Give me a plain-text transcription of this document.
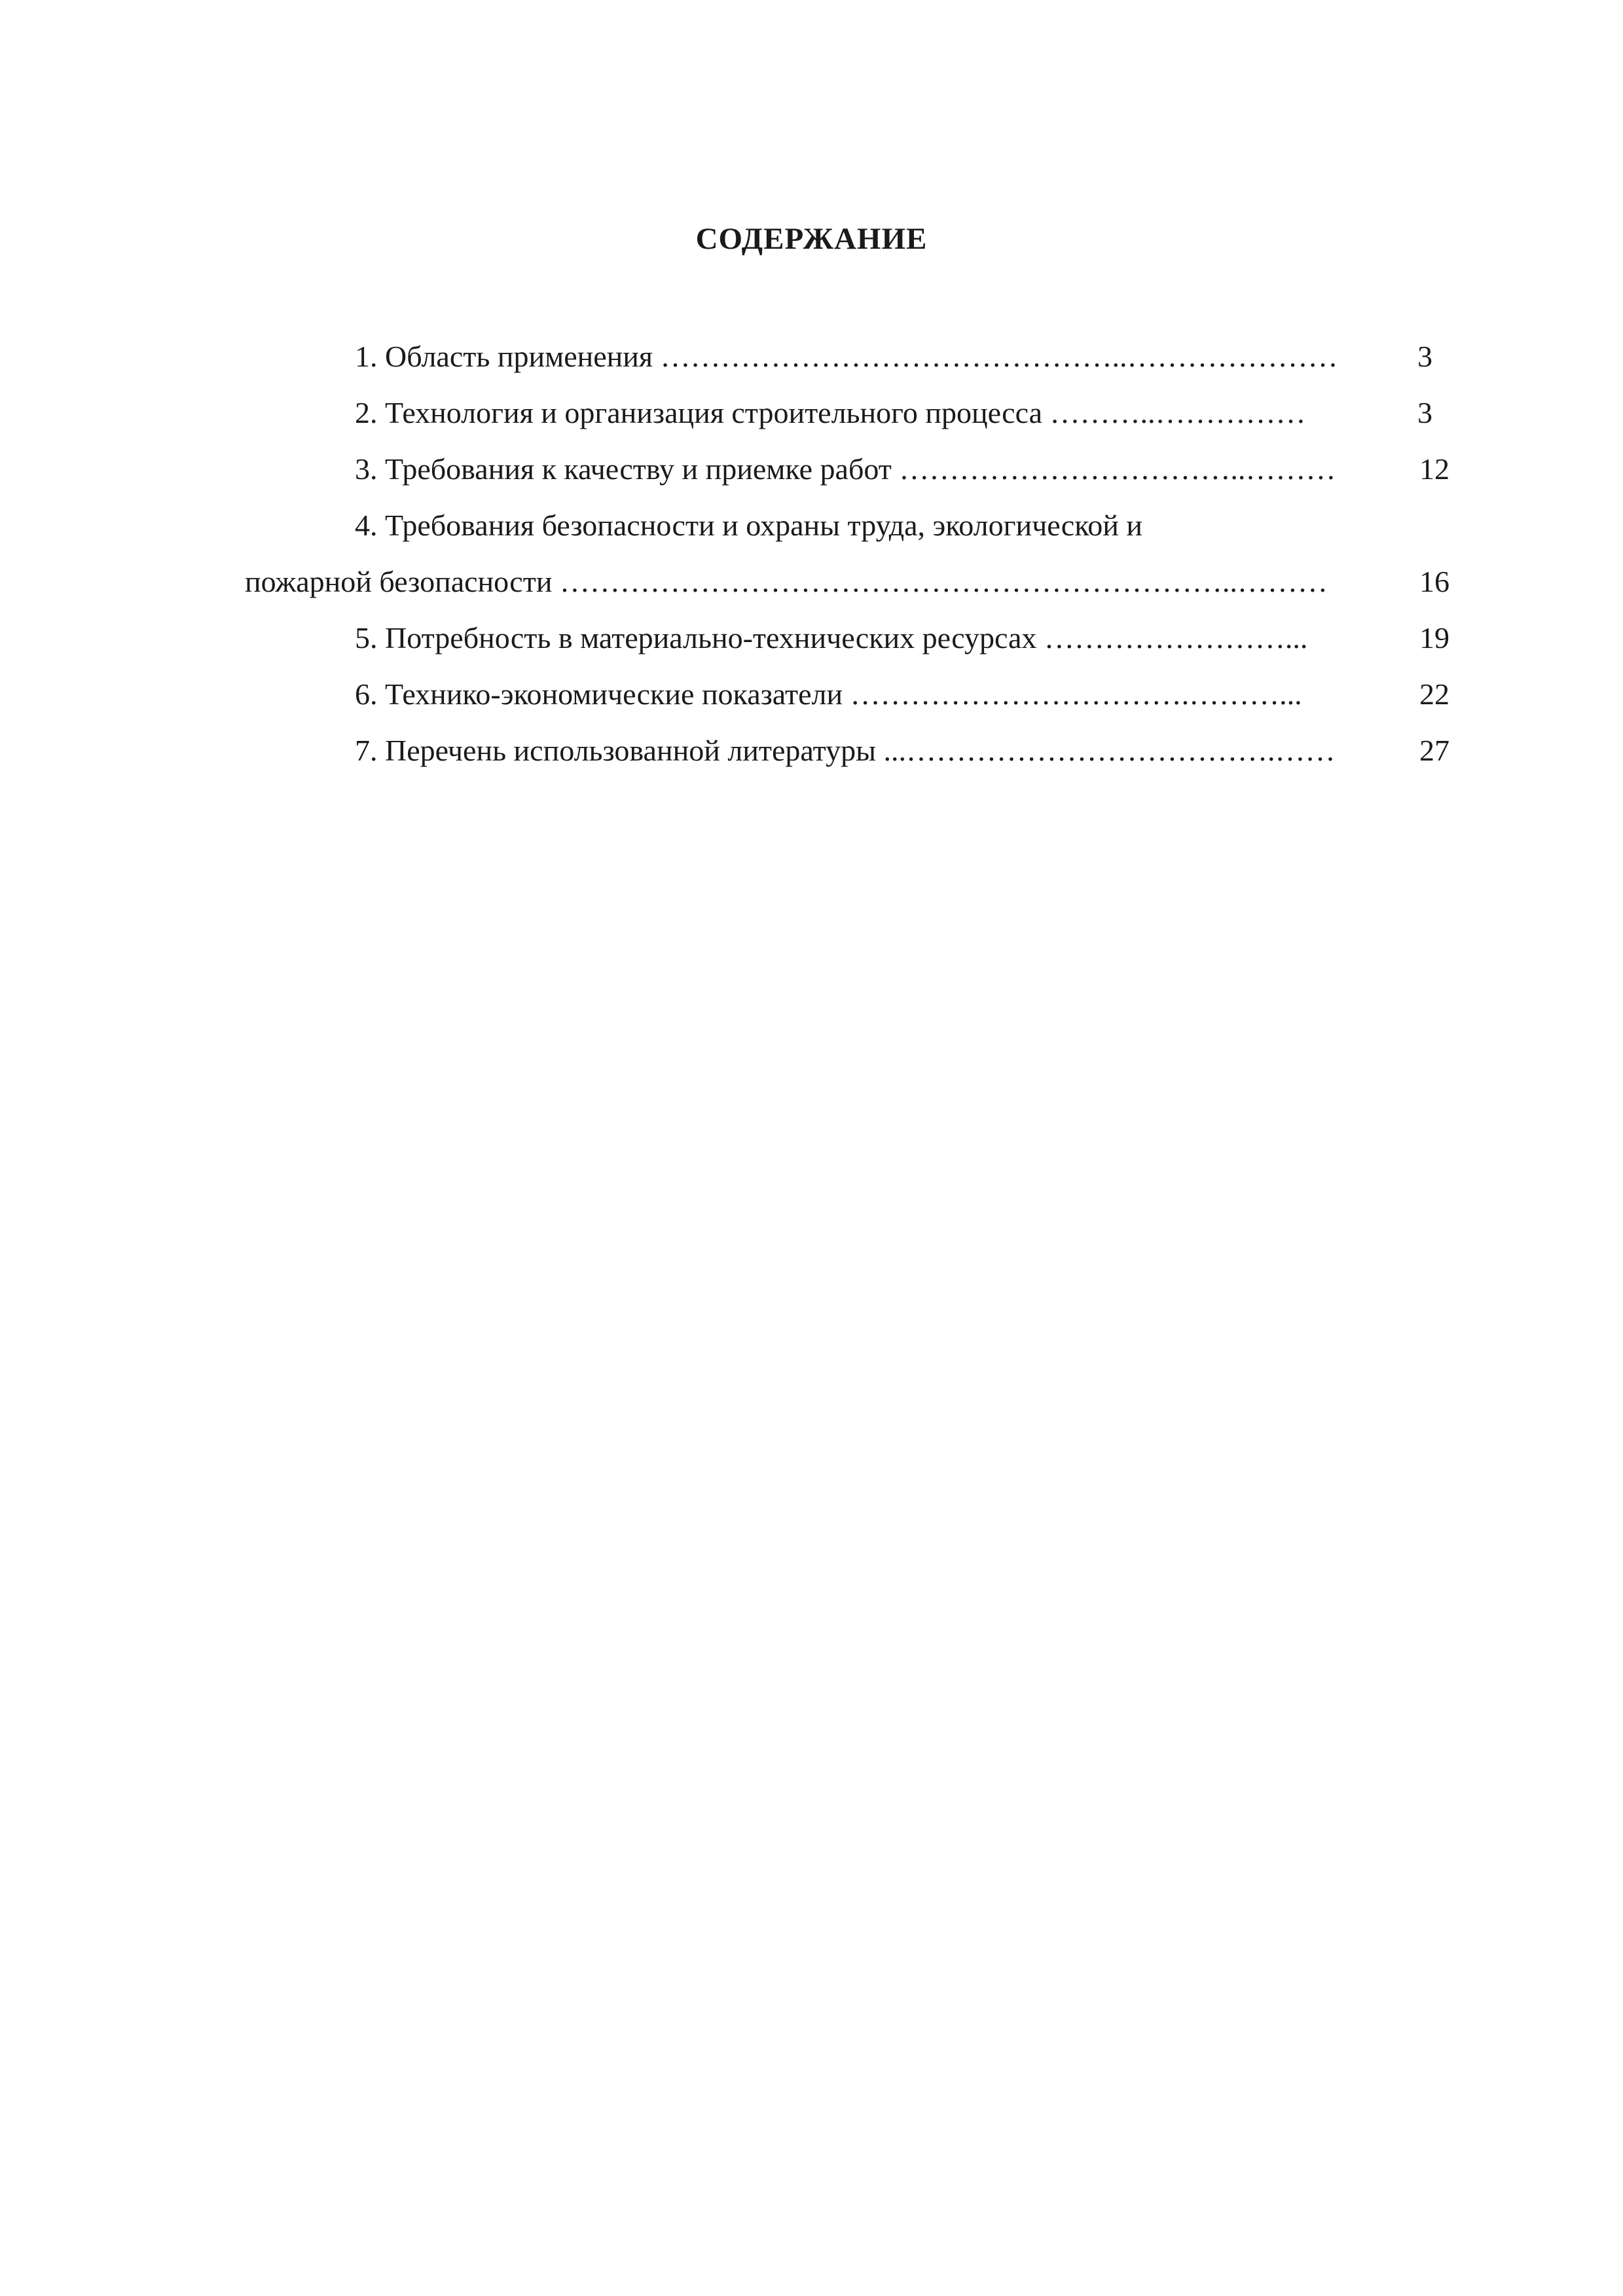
СОДЕРЖАНИЕ
1. Область применения ………………………………………..…………………	3
2. Технология и организация строительного процесса ………..……………	3
3. Требования к качеству и приемке работ ……………………………..………	12
4. Требования безопасности и охраны труда, экологической и
пожарной безопасности …………………………………………………………..………	16
5. Потребность в материально-технических ресурсах ……………………...	19
6. Технико-экономические показатели …………………………….………...	22
7. Перечень использованной литературы ...……………………………….……	27
